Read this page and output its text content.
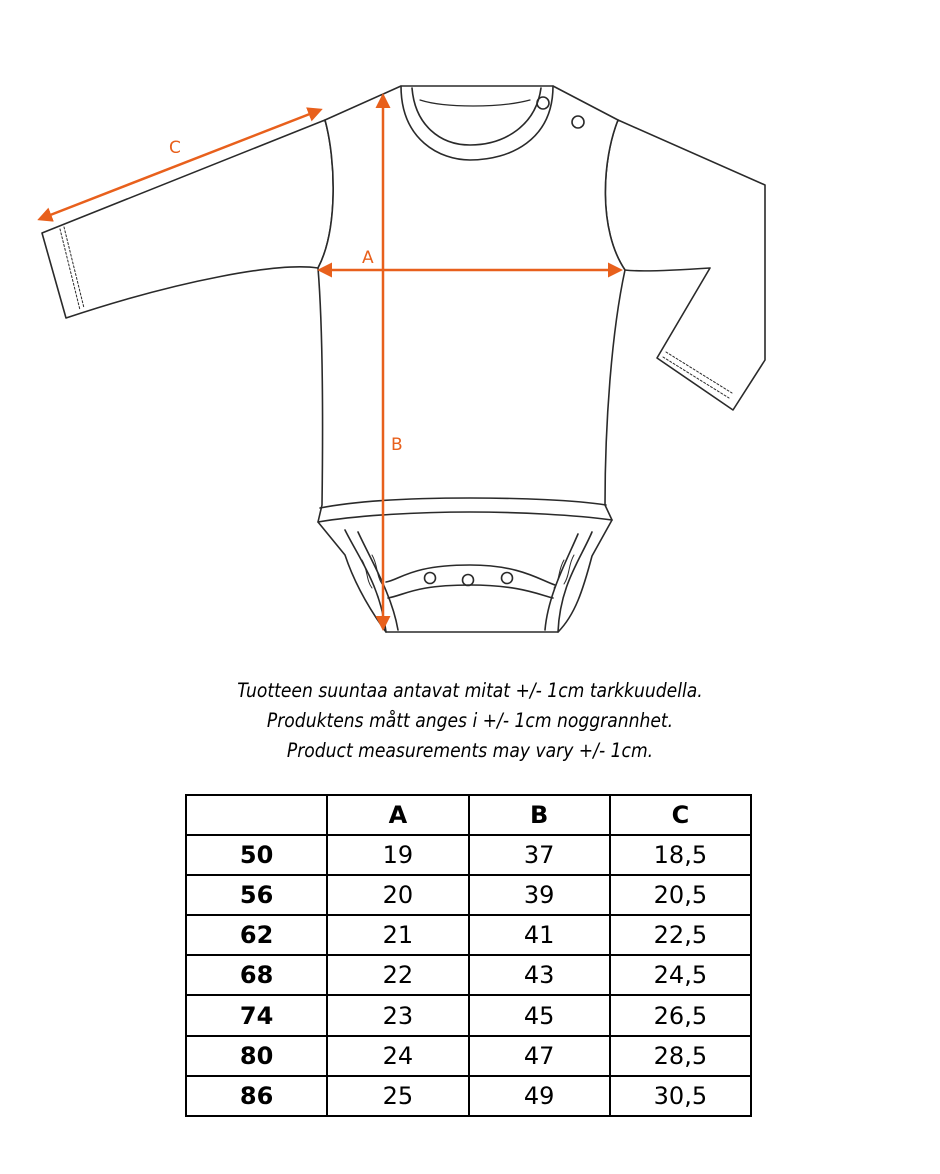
A
B
C
Tuotteen suuntaa antavat mitat +/- 1cm tarkkuudella.
Produktens mått anges i +/- 1cm noggrannhet.
Product measurements may vary +/- 1cm.
	A	B	C
50	19	37	18,5
56	20	39	20,5
62	21	41	22,5
68	22	43	24,5
74	23	45	26,5
80	24	47	28,5
86	25	49	30,5
